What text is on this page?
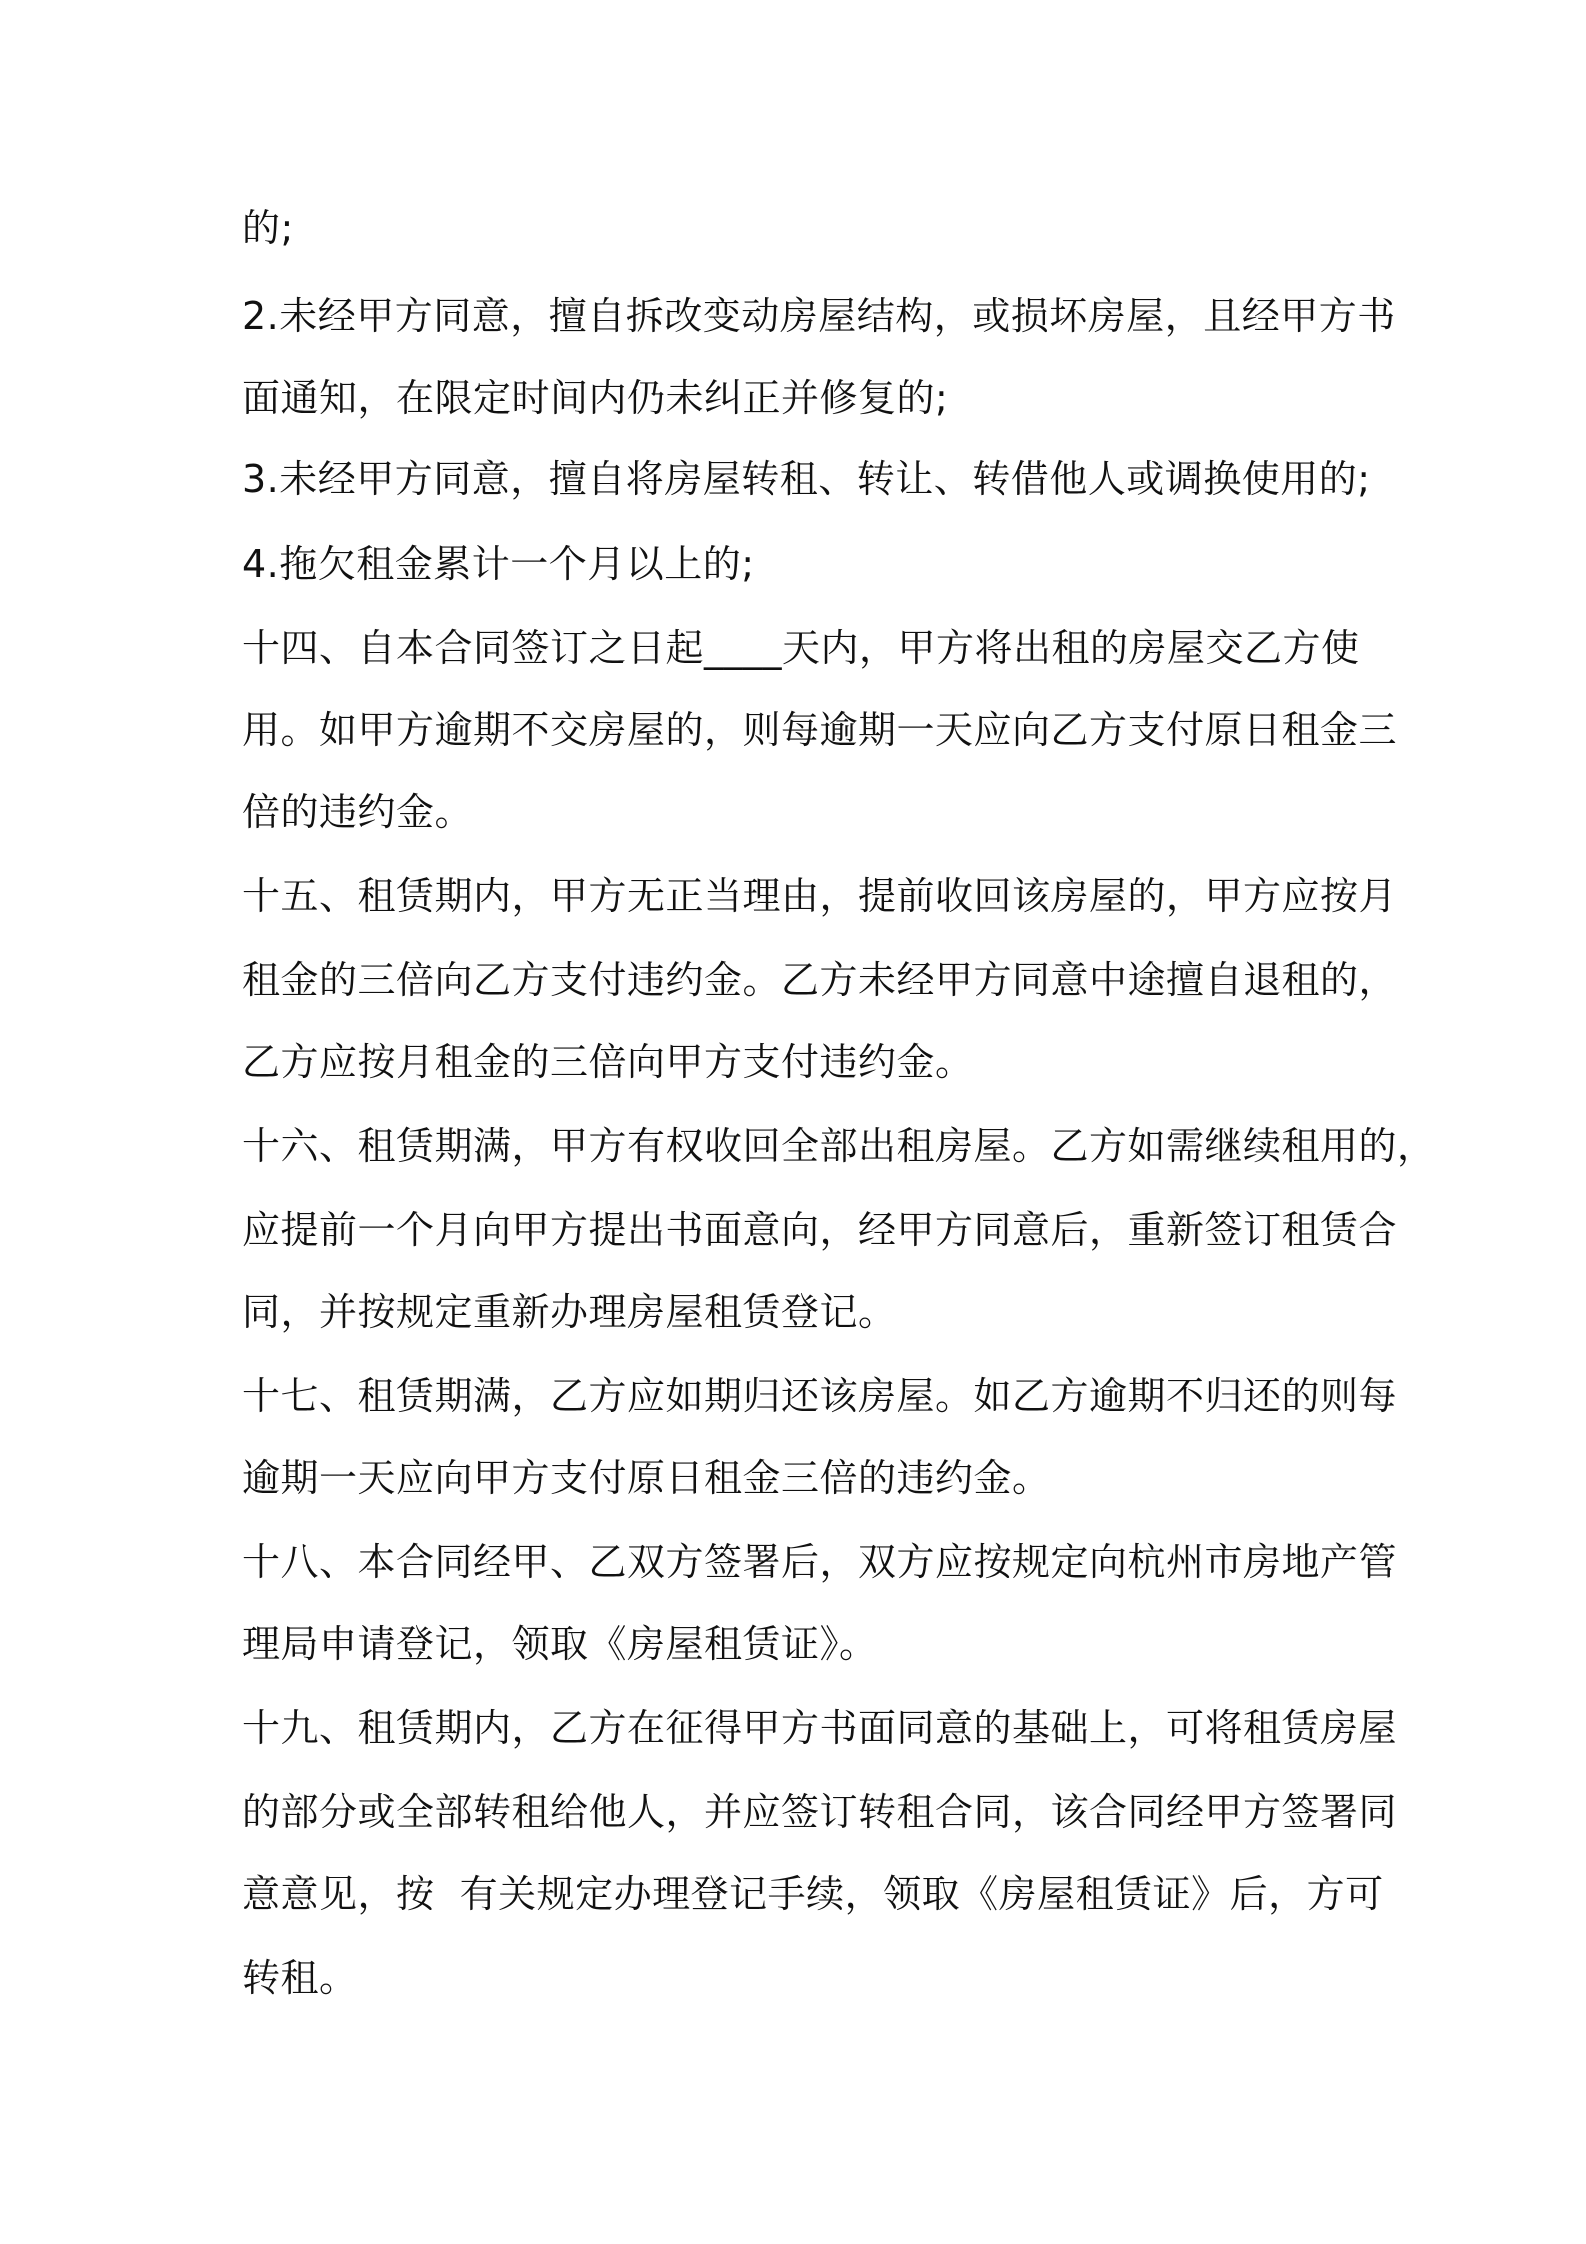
的;
2.未经甲方同意，擅自拆改变动房屋结构，或损坏房屋，且经甲方书
面通知，在限定时间内仍未纠正并修复的;
3.未经甲方同意，擅自将房屋转租、转让、转借他人或调换使用的;
4.拖欠租金累计一个月以上的;
十四、自本合同签订之日起____天内，甲方将出租的房屋交乙方使
用。如甲方逾期不交房屋的，则每逾期一天应向乙方支付原日租金三
倍的违约金。
十五、租赁期内，甲方无正当理由，提前收回该房屋的，甲方应按月
租金的三倍向乙方支付违约金。乙方未经甲方同意中途擅自退租的，
乙方应按月租金的三倍向甲方支付违约金。
十六、租赁期满，甲方有权收回全部出租房屋。乙方如需继续租用的，
应提前一个月向甲方提出书面意向，经甲方同意后，重新签订租赁合
同，并按规定重新办理房屋租赁登记。
十七、租赁期满，乙方应如期归还该房屋。如乙方逾期不归还的则每
逾期一天应向甲方支付原日租金三倍的违约金。
十八、本合同经甲、乙双方签署后，双方应按规定向杭州市房地产管
理局申请登记，领取《房屋租赁证》。
十九、租赁期内，乙方在征得甲方书面同意的基础上，可将租赁房屋
的部分或全部转租给他人，并应签订转租合同，该合同经甲方签署同
意意见，按  有关规定办理登记手续，领取《房屋租赁证》后，方可
转租。
